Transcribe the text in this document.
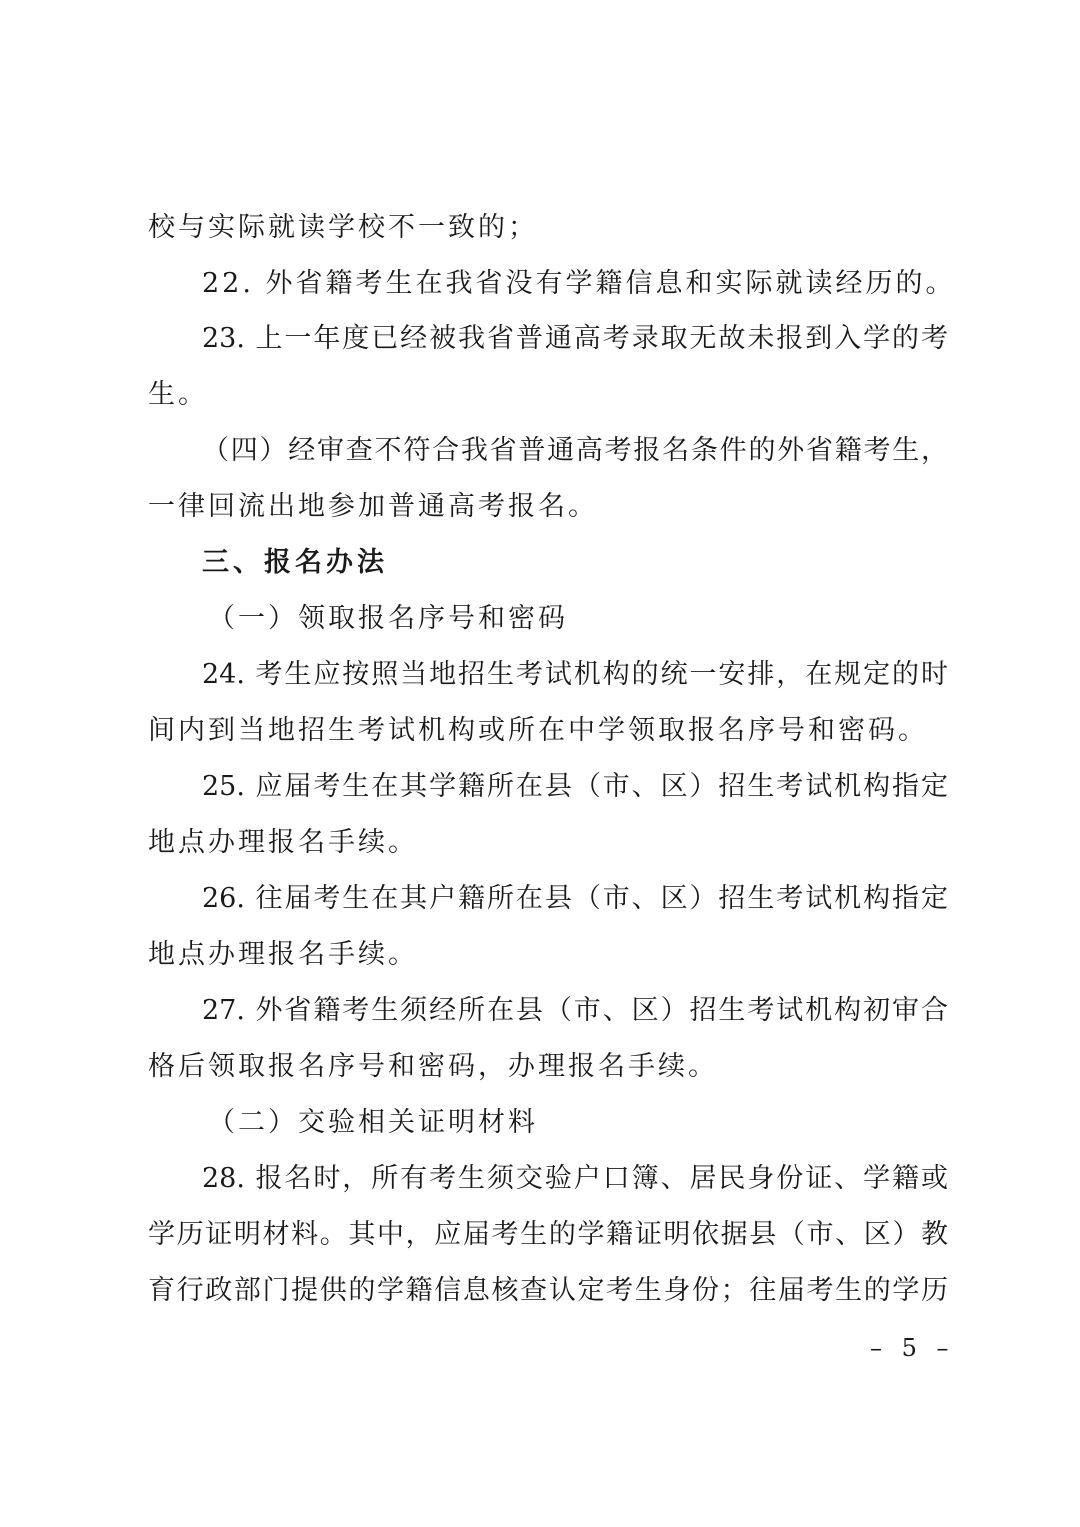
校与实际就读学校不一致的；
22. 外省籍考生在我省没有学籍信息和实际就读经历的。
23. 上一年度已经被我省普通高考录取无故未报到入学的考
生。
（四）经审查不符合我省普通高考报名条件的外省籍考生，
一律回流出地参加普通高考报名。
三、报名办法
（一）领取报名序号和密码
24. 考生应按照当地招生考试机构的统一安排，在规定的时
间内到当地招生考试机构或所在中学领取报名序号和密码。
25. 应届考生在其学籍所在县（市、区）招生考试机构指定
地点办理报名手续。
26. 往届考生在其户籍所在县（市、区）招生考试机构指定
地点办理报名手续。
27. 外省籍考生须经所在县（市、区）招生考试机构初审合
格后领取报名序号和密码，办理报名手续。
（二）交验相关证明材料
28. 报名时，所有考生须交验户口簿、居民身份证、学籍或
学历证明材料。其中，应届考生的学籍证明依据县（市、区）教
育行政部门提供的学籍信息核查认定考生身份；往届考生的学历
– 5 –
